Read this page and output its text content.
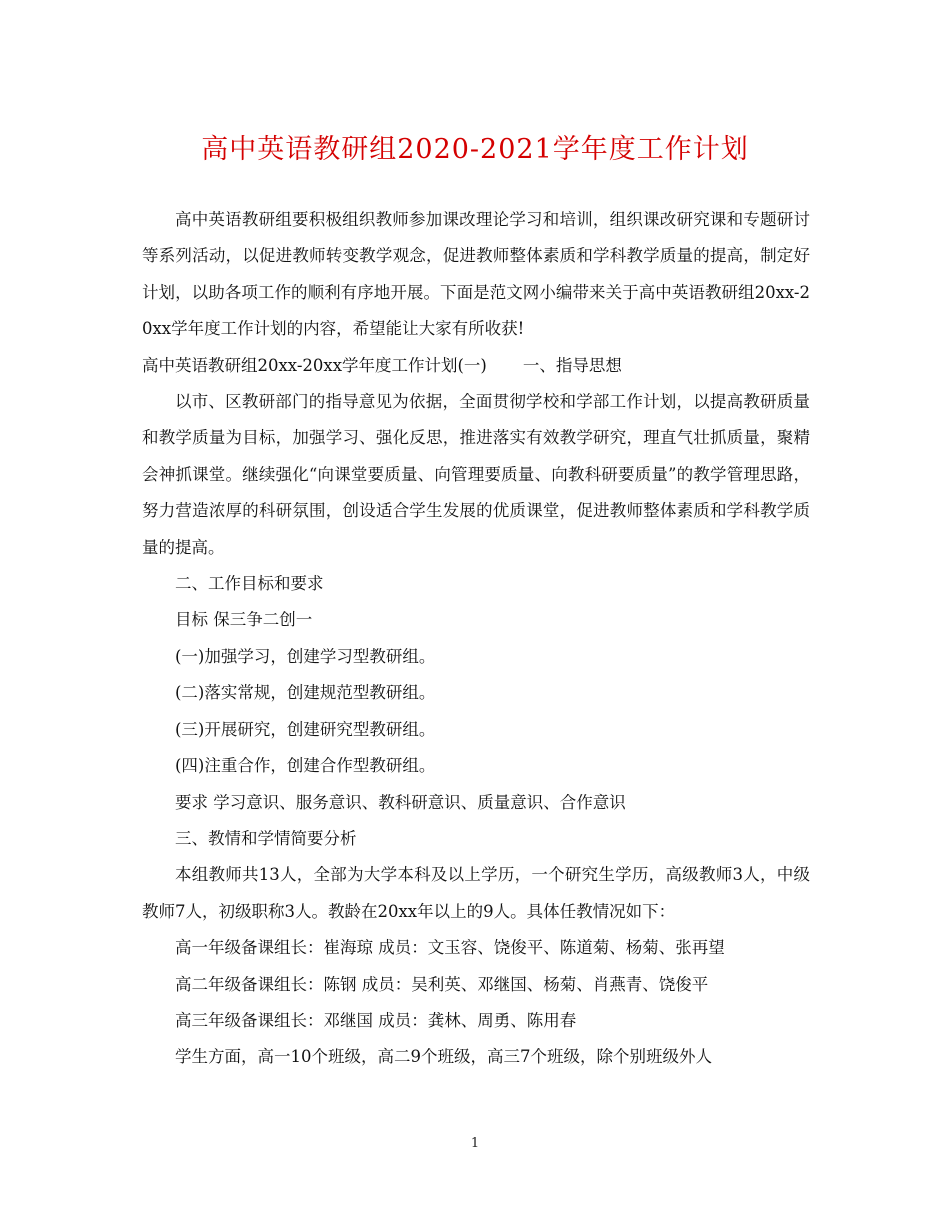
高中英语教研组2020-2021学年度工作计划

高中英语教研组要积极组织教师参加课改理论学习和培训，组织课改研究课和专题研讨等系列活动，以促进教师转变教学观念，促进教师整体素质和学科教学质量的提高，制定好计划，以助各项工作的顺利有序地开展。下面是范文网小编带来关于高中英语教研组20xx-20xx学年度工作计划的内容，希望能让大家有所收获!

高中英语教研组20xx-20xx学年度工作计划(一) 一、指导思想

以市、区教研部门的指导意见为依据，全面贯彻学校和学部工作计划，以提高教研质量和教学质量为目标，加强学习、强化反思，推进落实有效教学研究，理直气壮抓质量，聚精会神抓课堂。继续强化“向课堂要质量、向管理要质量、向教科研要质量”的教学管理思路，努力营造浓厚的科研氛围，创设适合学生发展的优质课堂，促进教师整体素质和学科教学质量的提高。

二、工作目标和要求

目标 保三争二创一

(一)加强学习，创建学习型教研组。

(二)落实常规，创建规范型教研组。

(三)开展研究，创建研究型教研组。

(四)注重合作，创建合作型教研组。

要求 学习意识、服务意识、教科研意识、质量意识、合作意识

三、教情和学情简要分析

本组教师共13人，全部为大学本科及以上学历，一个研究生学历，高级教师3人，中级教师7人，初级职称3人。教龄在20xx年以上的9人。具体任教情况如下：

高一年级备课组长：崔海琼 成员：文玉容、饶俊平、陈道菊、杨菊、张再望

高二年级备课组长：陈钢 成员：吴利英、邓继国、杨菊、肖燕青、饶俊平

高三年级备课组长：邓继国 成员：龚林、周勇、陈用春

学生方面，高一10个班级，高二9个班级，高三7个班级，除个别班级外人

1
